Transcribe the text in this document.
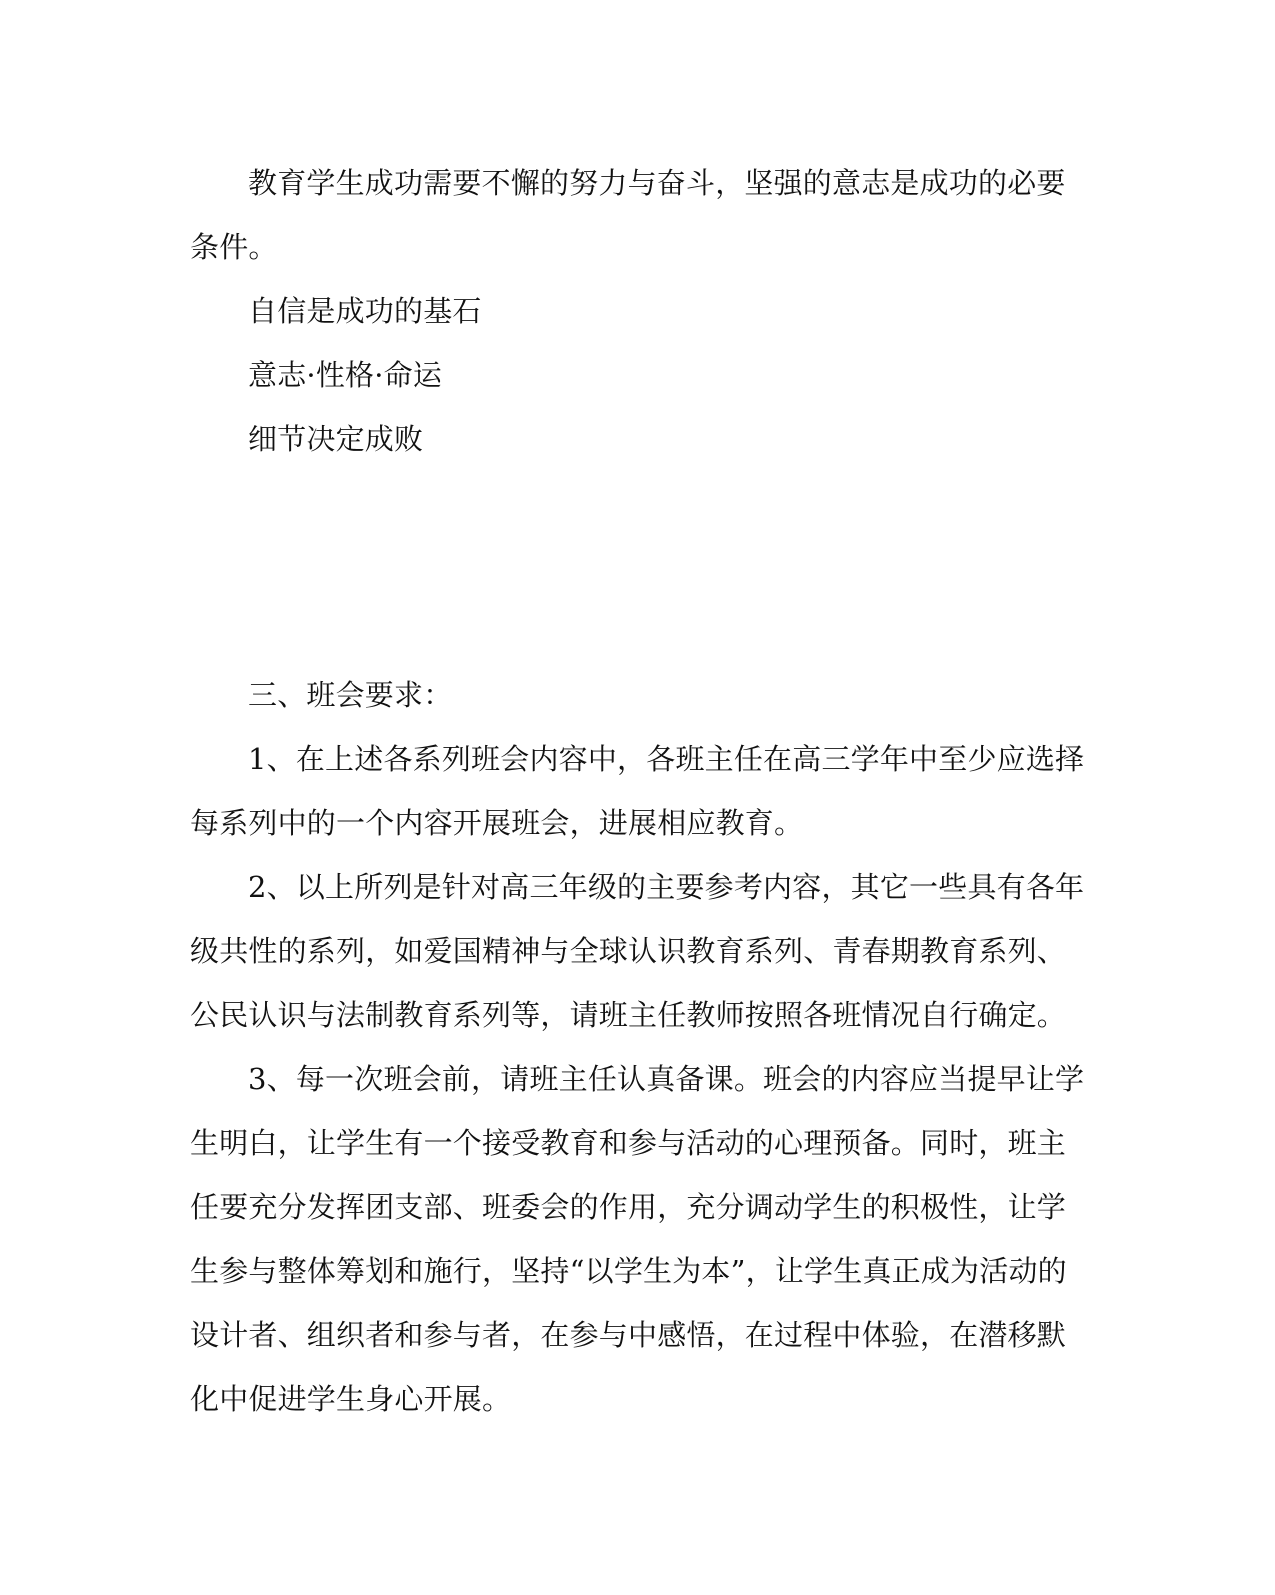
教育学生成功需要不懈的努力与奋斗，坚强的意志是成功的必要
条件。
自信是成功的基石
意志·性格·命运
细节决定成败
三、班会要求：
1、在上述各系列班会内容中，各班主任在高三学年中至少应选择
每系列中的一个内容开展班会，进展相应教育。
2、以上所列是针对高三年级的主要参考内容，其它一些具有各年
级共性的系列，如爱国精神与全球认识教育系列、青春期教育系列、
公民认识与法制教育系列等，请班主任教师按照各班情况自行确定。
3、每一次班会前，请班主任认真备课。班会的内容应当提早让学
生明白，让学生有一个接受教育和参与活动的心理预备。同时，班主
任要充分发挥团支部、班委会的作用，充分调动学生的积极性，让学
生参与整体筹划和施行，坚持“以学生为本”，让学生真正成为活动的
设计者、组织者和参与者，在参与中感悟，在过程中体验，在潜移默
化中促进学生身心开展。
